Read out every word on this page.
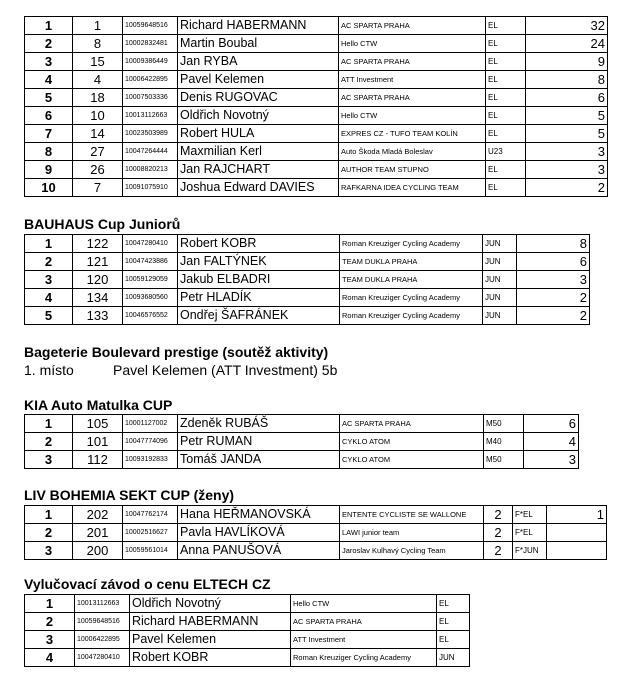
1	1	10059648516	Richard HABERMANN	AC SPARTA PRAHA	EL	32
2	8	10002832481	Martin Boubal	Hello CTW	EL	24
3	15	10009386449	Jan RYBA	AC SPARTA PRAHA	EL	9
4	4	10006422895	Pavel Kelemen	ATT Investment	EL	8
5	18	10007503336	Denis RUGOVAC	AC SPARTA PRAHA	EL	6
6	10	10013112663	Oldřich Novotný	Hello CTW	EL	5
7	14	10023503989	Robert HULA	EXPRES CZ - TUFO TEAM KOLÍN	EL	5
8	27	10047264444	Maxmilian Kerl	Auto Škoda Mladá Boleslav	U23	3
9	26	10008820213	Jan RAJCHART	AUTHOR TEAM STUPNO	EL	3
10	7	10091075910	Joshua Edward DAVIES	RAFKARNA IDEA CYCLING TEAM	EL	2
BAUHAUS Cup Juniorů
1	122	10047280410	Robert KOBR	Roman Kreuziger Cycling Academy	JUN	8
2	121	10047423886	Jan FALTÝNEK	TEAM DUKLA PRAHA	JUN	6
3	120	10059129059	Jakub ELBADRI	TEAM DUKLA PRAHA	JUN	3
4	134	10093680560	Petr HLADÍK	Roman Kreuziger Cycling Academy	JUN	2
5	133	10046576552	Ondřej ŠAFRÁNEK	Roman Kreuziger Cycling Academy	JUN	2
Bageterie Boulevard prestige (soutěž aktivity)
1. místo	Pavel Kelemen (ATT Investment) 5b
KIA Auto Matulka CUP
1	105	10001127002	Zdeněk RUBÁŠ	AC SPARTA PRAHA	M50	6
2	101	10047774096	Petr RUMAN	CYKLO ATOM	M40	4
3	112	10093192833	Tomáš JANDA	CYKLO ATOM	M50	3
LIV BOHEMIA SEKT CUP (ženy)
1	202	10047762174	Hana HEŘMANOVSKÁ	ENTENTE CYCLISTE SE WALLONE	2	F*EL	1
2	201	10002516627	Pavla HAVLÍKOVÁ	LAWI junior team	2	F*EL	
3	200	10059561014	Anna PANUŠOVÁ	Jaroslav Kulhavý Cycling Team	2	F*JUN	
Vylučovací závod o cenu ELTECH CZ
1	10013112663	Oldřich Novotný	Hello CTW	EL
2	10059648516	Richard HABERMANN	AC SPARTA PRAHA	EL
3	10006422895	Pavel Kelemen	ATT Investment	EL
4	10047280410	Robert KOBR	Roman Kreuziger Cycling Academy	JUN
